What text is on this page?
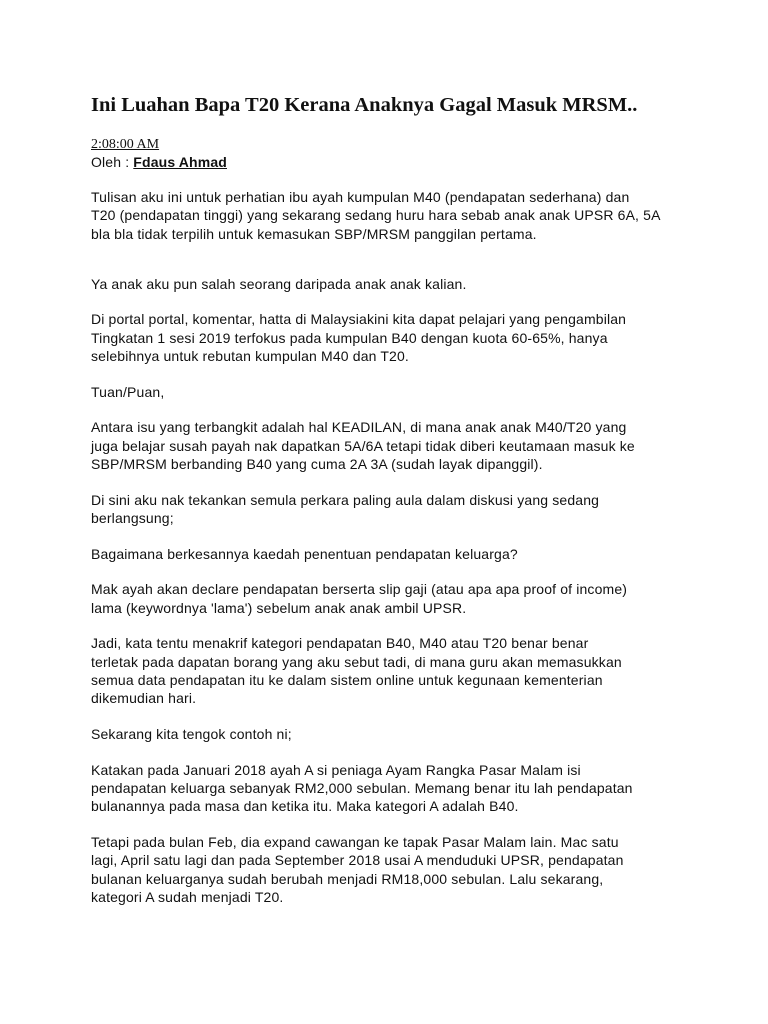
Ini Luahan Bapa T20 Kerana Anaknya Gagal Masuk MRSM..
2:08:00 AM
Oleh : Fdaus Ahmad
Tulisan aku ini untuk perhatian ibu ayah kumpulan M40 (pendapatan sederhana) dan
T20 (pendapatan tinggi) yang sekarang sedang huru hara sebab anak anak UPSR 6A, 5A
bla bla tidak terpilih untuk kemasukan SBP/MRSM panggilan pertama.
Ya anak aku pun salah seorang daripada anak anak kalian.
Di portal portal, komentar, hatta di Malaysiakini kita dapat pelajari yang pengambilan
Tingkatan 1 sesi 2019 terfokus pada kumpulan B40 dengan kuota 60-65%, hanya
selebihnya untuk rebutan kumpulan M40 dan T20.
Tuan/Puan,
Antara isu yang terbangkit adalah hal KEADILAN, di mana anak anak M40/T20 yang
juga belajar susah payah nak dapatkan 5A/6A tetapi tidak diberi keutamaan masuk ke
SBP/MRSM berbanding B40 yang cuma 2A 3A (sudah layak dipanggil).
Di sini aku nak tekankan semula perkara paling aula dalam diskusi yang sedang
berlangsung;
Bagaimana berkesannya kaedah penentuan pendapatan keluarga?
Mak ayah akan declare pendapatan berserta slip gaji (atau apa apa proof of income)
lama (keywordnya 'lama') sebelum anak anak ambil UPSR.
Jadi, kata tentu menakrif kategori pendapatan B40, M40 atau T20 benar benar
terletak pada dapatan borang yang aku sebut tadi, di mana guru akan memasukkan
semua data pendapatan itu ke dalam sistem online untuk kegunaan kementerian
dikemudian hari.
Sekarang kita tengok contoh ni;
Katakan pada Januari 2018 ayah A si peniaga Ayam Rangka Pasar Malam isi
pendapatan keluarga sebanyak RM2,000 sebulan. Memang benar itu lah pendapatan
bulanannya pada masa dan ketika itu. Maka kategori A adalah B40.
Tetapi pada bulan Feb, dia expand cawangan ke tapak Pasar Malam lain. Mac satu
lagi, April satu lagi dan pada September 2018 usai A menduduki UPSR, pendapatan
bulanan keluarganya sudah berubah menjadi RM18,000 sebulan. Lalu sekarang,
kategori A sudah menjadi T20.
